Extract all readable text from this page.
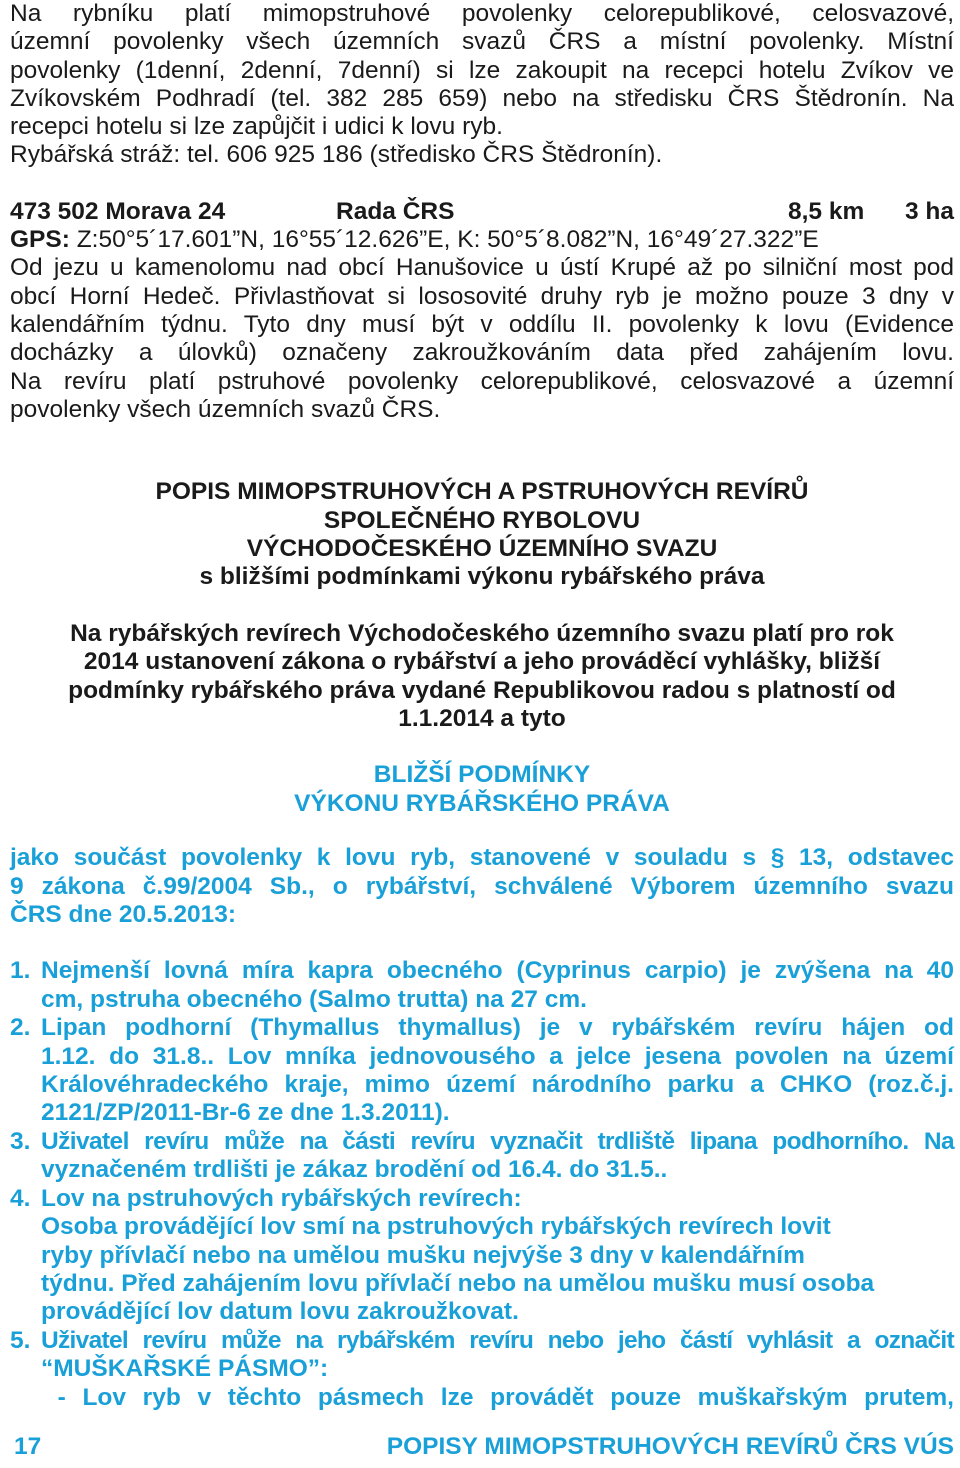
Na rybníku platí mimopstruhové povolenky celorepublikové, celosvazové,

územní povolenky všech územních svazů ČRS a místní povolenky. Místní

povolenky (1denní, 2denní, 7denní) si lze zakoupit na recepci hotelu Zvíkov ve

Zvíkovském Podhradí (tel. 382 285 659) nebo na středisku ČRS Štědronín. Na

recepci hotelu si lze zapůjčit i udici k lovu ryb.

Rybářská stráž: tel. 606 925 186 (středisko ČRS Štědronín).

473 502 Morava 24	Rada ČRS	8,5 km	3 ha
GPS: Z:50°5´17.601”N, 16°55´12.626”E, K: 50°5´8.082”N, 16°49´27.322”E

Od jezu u kamenolomu nad obcí Hanušovice u ústí Krupé až po silniční most pod

obcí Horní Hedeč. Přivlastňovat si lososovité druhy ryb je možno pouze 3 dny v

kalendářním týdnu. Tyto dny musí být v oddílu II. povolenky k lovu (Evidence

docházky a úlovků) označeny zakroužkováním data před zahájením lovu.

Na revíru platí pstruhové povolenky celorepublikové, celosvazové a územní

povolenky všech územních svazů ČRS.

POPIS MIMOPSTRUHOVÝCH A PSTRUHOVÝCH REVÍRŮ
SPOLEČNÉHO RYBOLOVU
VÝCHODOČESKÉHO ÚZEMNÍHO SVAZU
s bližšími podmínkami výkonu rybářského práva
Na rybářských revírech Východočeského územního svazu platí pro rok
2014 ustanovení zákona o rybářství a jeho prováděcí vyhlášky, bližší
podmínky rybářského práva vydané Republikovou radou s platností od
1.1.2014 a tyto
BLIŽŠÍ PODMÍNKY
VÝKONU RYBÁŘSKÉHO PRÁVA
jako součást povolenky k lovu ryb, stanovené v souladu s § 13, odstavec
9 zákona č.99/2004 Sb., o rybářství, schválené Výborem územního svazu
ČRS dne 20.5.2013:
1. Nejmenší lovná míra kapra obecného (Cyprinus carpio) je zvýšena na 40
cm, pstruha obecného (Salmo trutta) na 27 cm.
2. Lipan podhorní (Thymallus thymallus) je v rybářském revíru hájen od
1.12. do 31.8.. Lov mníka jednovousého a jelce jesena povolen na území
Královéhradeckého kraje, mimo území národního parku a CHKO (roz.č.j.
2121/ZP/2011-Br-6 ze dne 1.3.2011).
3. Uživatel revíru může na části revíru vyznačit trdliště lipana podhorního. Na
vyznačeném trdlišti je zákaz brodění od 16.4. do 31.5..
4. Lov na pstruhových rybářských revírech:
Osoba provádějící lov smí na pstruhových rybářských revírech lovit
ryby přívlačí nebo na umělou mušku nejvýše 3 dny v kalendářním
týdnu. Před zahájením lovu přívlačí nebo na umělou mušku musí osoba
provádějící lov datum lovu zakroužkovat.
5. Uživatel revíru může na rybářském revíru nebo jeho částí vyhlásit a označit
“MUŠKAŘSKÉ PÁSMO”:
- Lov ryb v těchto pásmech lze provádět pouze muškařským prutem,
17	POPISY MIMOPSTRUHOVÝCH REVÍRŮ ČRS VÚS
